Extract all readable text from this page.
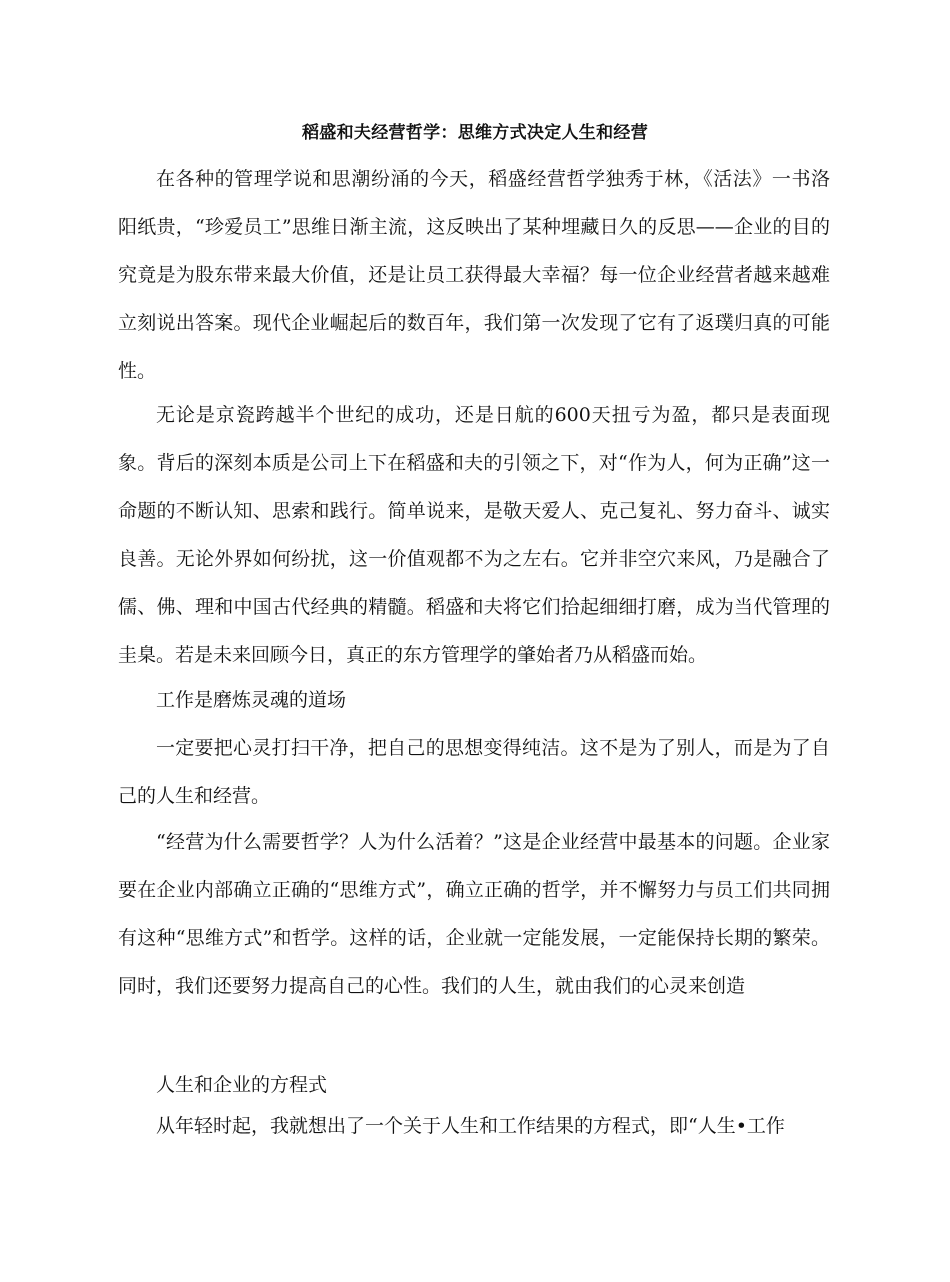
稻盛和夫经营哲学：思维方式决定人生和经营

在各种的管理学说和思潮纷涌的今天，稻盛经营哲学独秀于林，《活法》一书洛阳纸贵，“珍爱员工”思维日渐主流，这反映出了某种埋藏日久的反思——企业的目的究竟是为股东带来最大价值，还是让员工获得最大幸福？每一位企业经营者越来越难立刻说出答案。现代企业崛起后的数百年，我们第一次发现了它有了返璞归真的可能性。

无论是京瓷跨越半个世纪的成功，还是日航的600天扭亏为盈，都只是表面现象。背后的深刻本质是公司上下在稻盛和夫的引领之下，对“作为人，何为正确”这一命题的不断认知、思索和践行。简单说来，是敬天爱人、克己复礼、努力奋斗、诚实良善。无论外界如何纷扰，这一价值观都不为之左右。它并非空穴来风，乃是融合了儒、佛、理和中国古代经典的精髓。稻盛和夫将它们拾起细细打磨，成为当代管理的圭臬。若是未来回顾今日，真正的东方管理学的肇始者乃从稻盛而始。

工作是磨炼灵魂的道场

一定要把心灵打扫干净，把自己的思想变得纯洁。这不是为了别人，而是为了自己的人生和经营。

“经营为什么需要哲学？人为什么活着？”这是企业经营中最基本的问题。企业家要在企业内部确立正确的“思维方式”，确立正确的哲学，并不懈努力与员工们共同拥有这种“思维方式”和哲学。这样的话，企业就一定能发展，一定能保持长期的繁荣。同时，我们还要努力提高自己的心性。我们的人生，就由我们的心灵来创造

人生和企业的方程式

从年轻时起，我就想出了一个关于人生和工作结果的方程式，即“人生•工作
